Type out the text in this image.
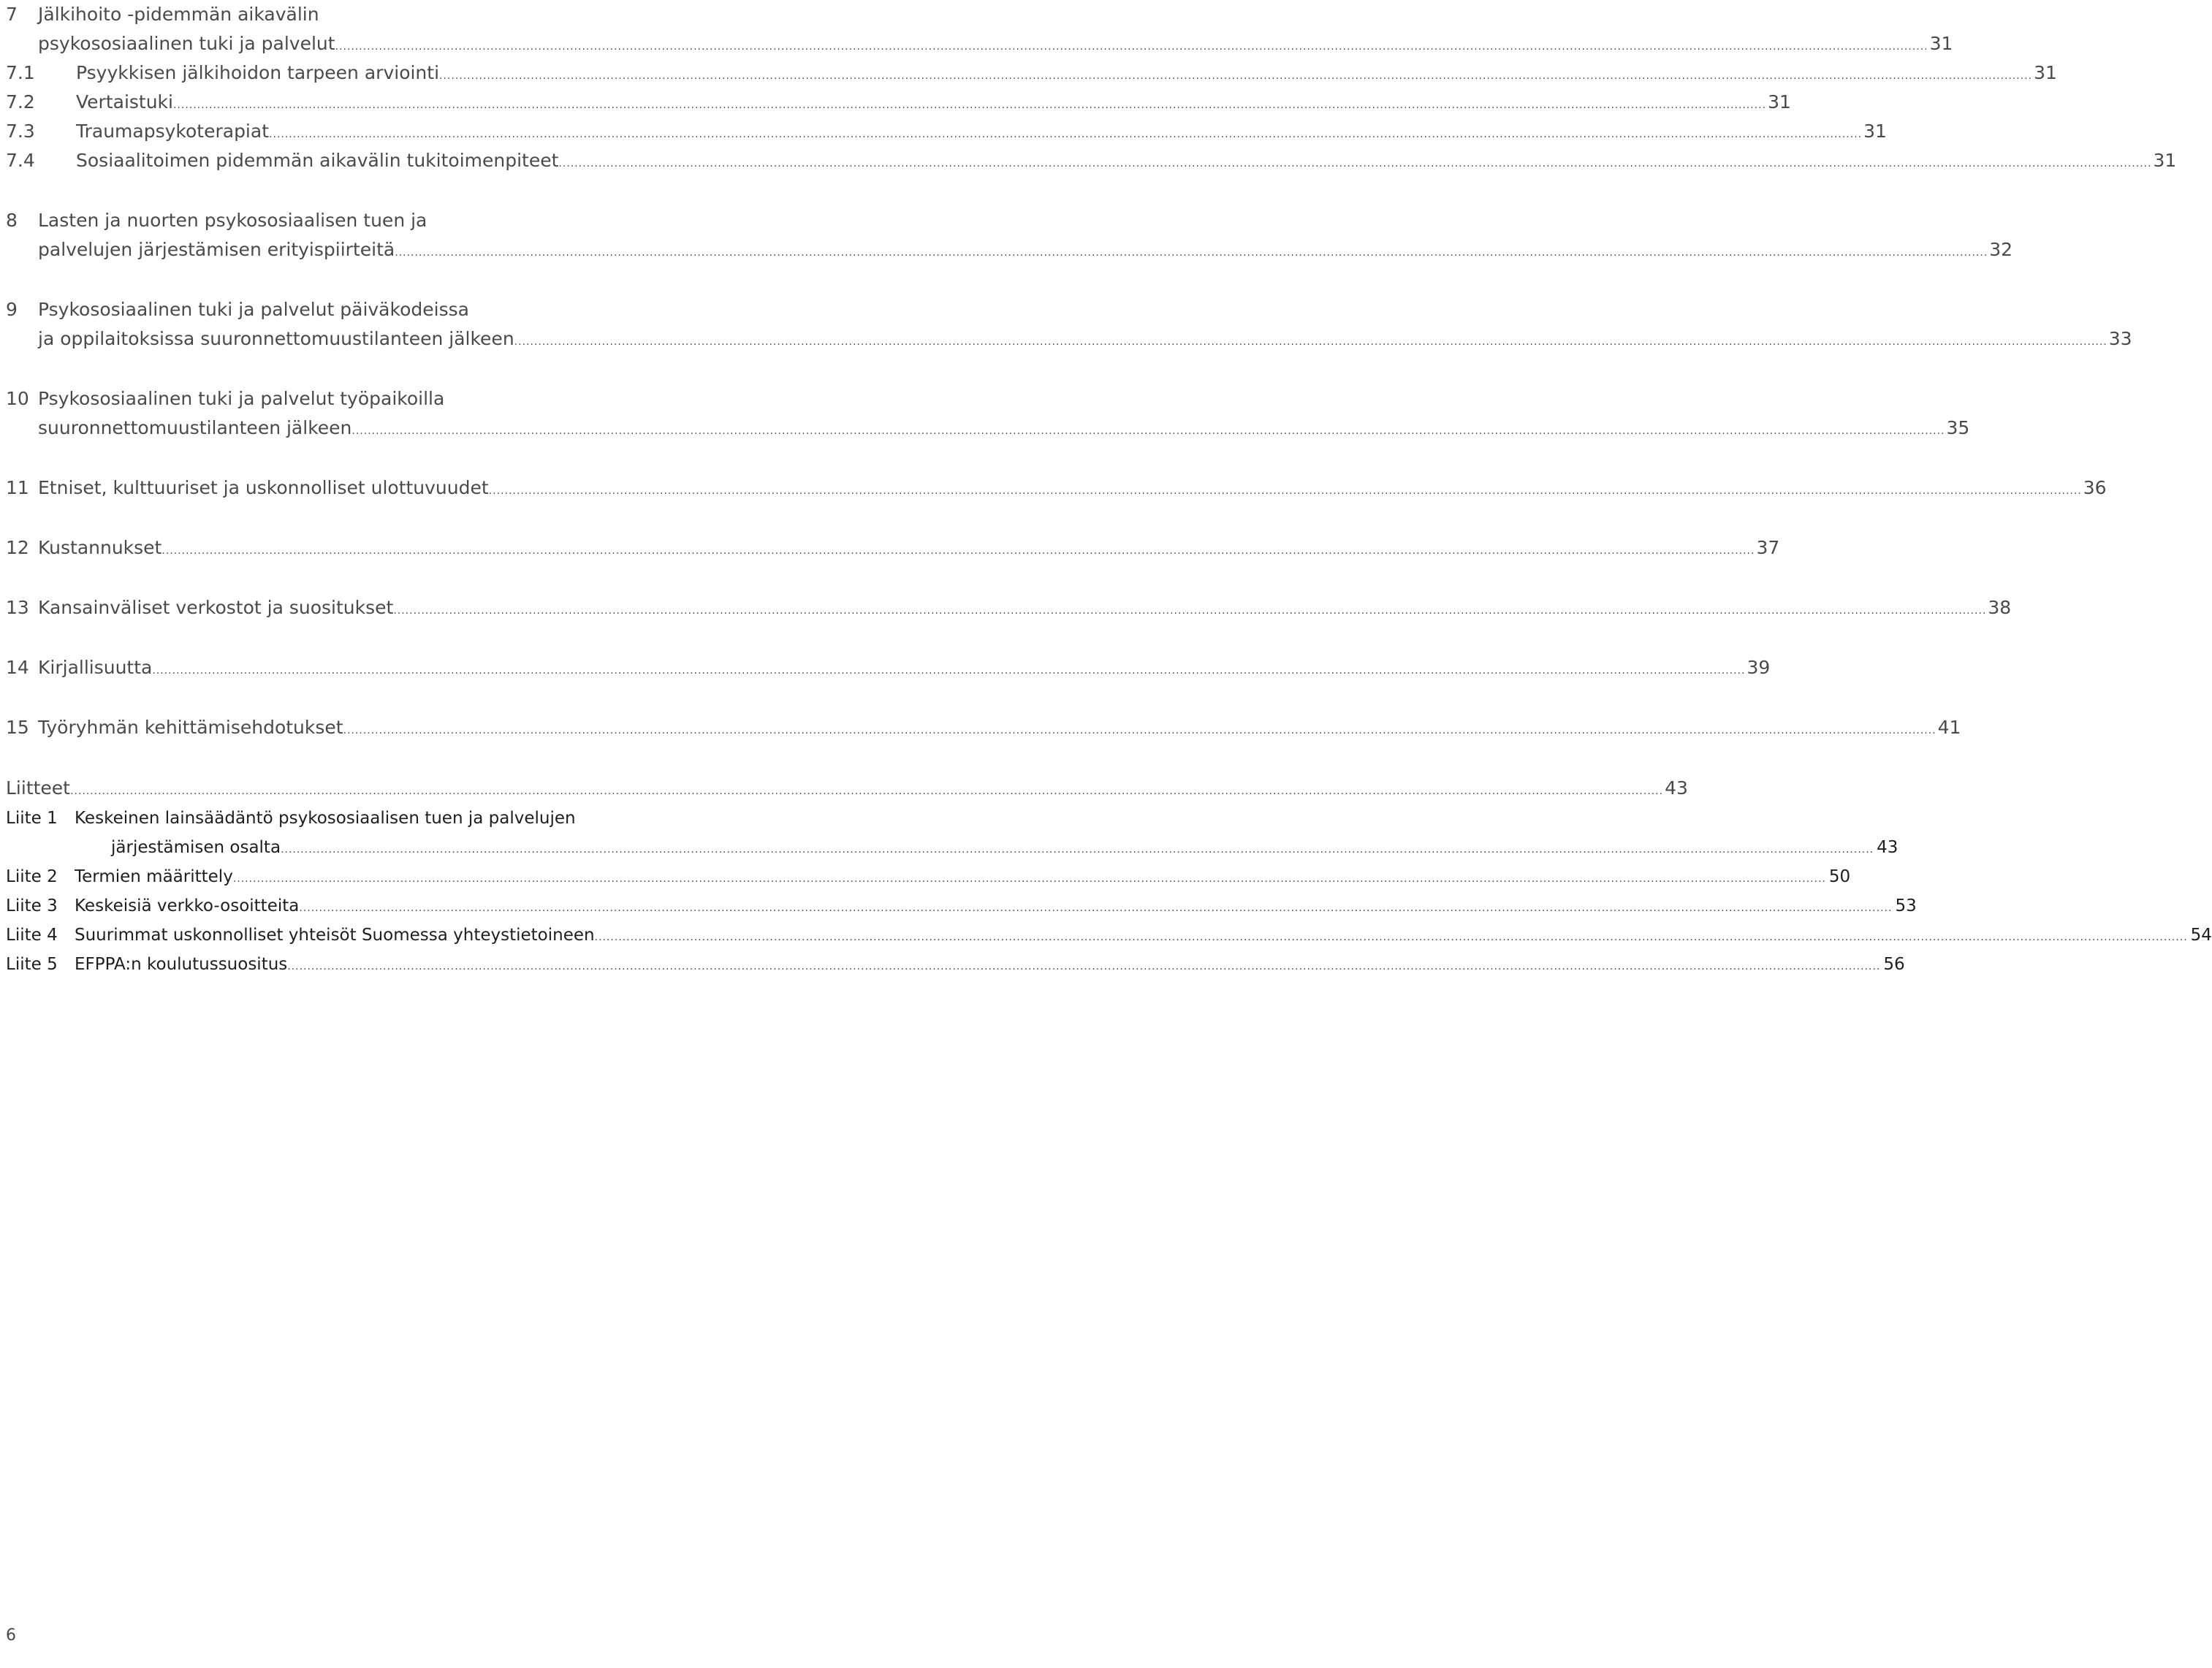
7 Jälkihoito -pidemmän aikavälin
psykososiaalinen tuki ja palvelut ................................................................................................................................................................................................................................................................................................................................................................................................................ 31
7.1 Psyykkisen jälkihoidon tarpeen arviointi ................................................................................................................................................................................................................................................................................................................................................................................................................ 31
7.2 Vertaistuki ................................................................................................................................................................................................................................................................................................................................................................................................................ 31
7.3 Traumapsykoterapiat ................................................................................................................................................................................................................................................................................................................................................................................................................ 31
7.4 Sosiaalitoimen pidemmän aikavälin tukitoimenpiteet ................................................................................................................................................................................................................................................................................................................................................................................................................ 31
8 Lasten ja nuorten psykososiaalisen tuen ja
palvelujen järjestämisen erityispiirteitä ................................................................................................................................................................................................................................................................................................................................................................................................................ 32
9 Psykososiaalinen tuki ja palvelut päiväkodeissa
ja oppilaitoksissa suuronnettomuustilanteen jälkeen ................................................................................................................................................................................................................................................................................................................................................................................................................ 33
10 Psykososiaalinen tuki ja palvelut työpaikoilla
suuronnettomuustilanteen jälkeen ................................................................................................................................................................................................................................................................................................................................................................................................................ 35
11 Etniset, kulttuuriset ja uskonnolliset ulottuvuudet ................................................................................................................................................................................................................................................................................................................................................................................................................ 36
12 Kustannukset ................................................................................................................................................................................................................................................................................................................................................................................................................ 37
13 Kansainväliset verkostot ja suositukset ................................................................................................................................................................................................................................................................................................................................................................................................................ 38
14 Kirjallisuutta ................................................................................................................................................................................................................................................................................................................................................................................................................ 39
15 Työryhmän kehittämisehdotukset ................................................................................................................................................................................................................................................................................................................................................................................................................ 41
Liitteet ................................................................................................................................................................................................................................................................................................................................................................................................................ 43
Liite 1 Keskeinen lainsäädäntö psykososiaalisen tuen ja palvelujen
järjestämisen osalta ................................................................................................................................................................................................................................................................................................................................................................................................................ 43
Liite 2 Termien määrittely ................................................................................................................................................................................................................................................................................................................................................................................................................ 50
Liite 3 Keskeisiä verkko-osoitteita ................................................................................................................................................................................................................................................................................................................................................................................................................ 53
Liite 4 Suurimmat uskonnolliset yhteisöt Suomessa yhteystietoineen ................................................................................................................................................................................................................................................................................................................................................................................................................ 54
Liite 5 EFPPA:n koulutussuositus ................................................................................................................................................................................................................................................................................................................................................................................................................ 56
6
